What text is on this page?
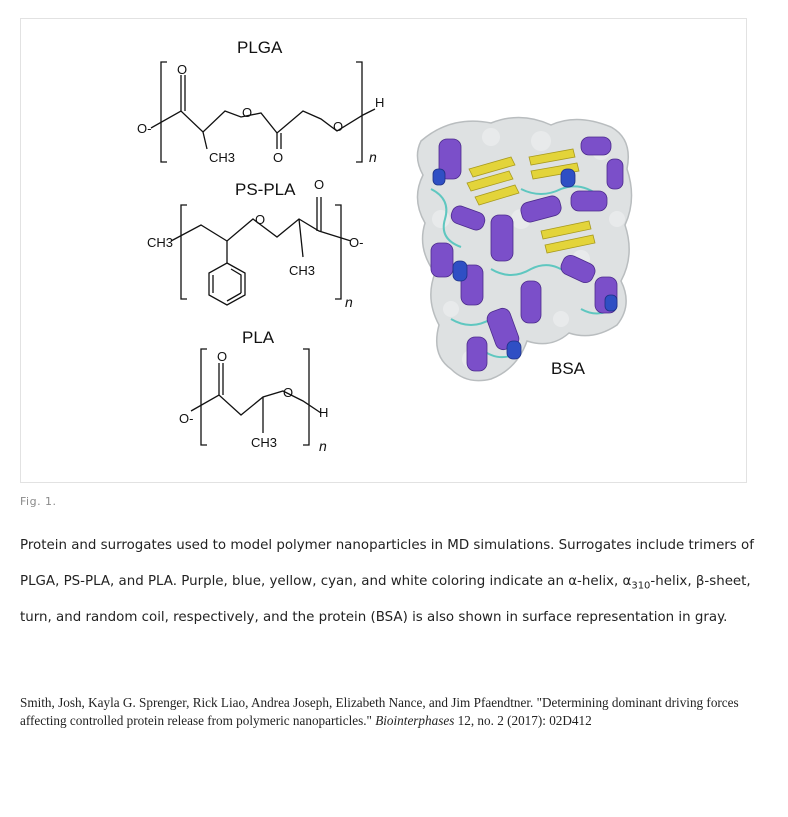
PLGA
O
O-
O
O
CH3	O
H
n
PS-PLA O
CH3
O
CH3
O-
n
PLA
O
O-
O
H
CH3	n
BSA
Fig. 1.
Protein and surrogates used to model polymer nanoparticles in MD simulations. Surrogates include trimers of PLGA, PS-PLA, and PLA. Purple, blue, yellow, cyan, and white coloring indicate an α-helix, $\alpha_{310}$-helix, β-sheet, turn, and random coil, respectively, and the protein (BSA) is also shown in surface representation in gray.
Smith, Josh, Kayla G. Sprenger, Rick Liao, Andrea Joseph, Elizabeth Nance, and Jim Pfaendtner. "Determining dominant driving forces affecting controlled protein release from polymeric nanoparticles." Biointerphases 12, no. 2 (2017): 02D412
